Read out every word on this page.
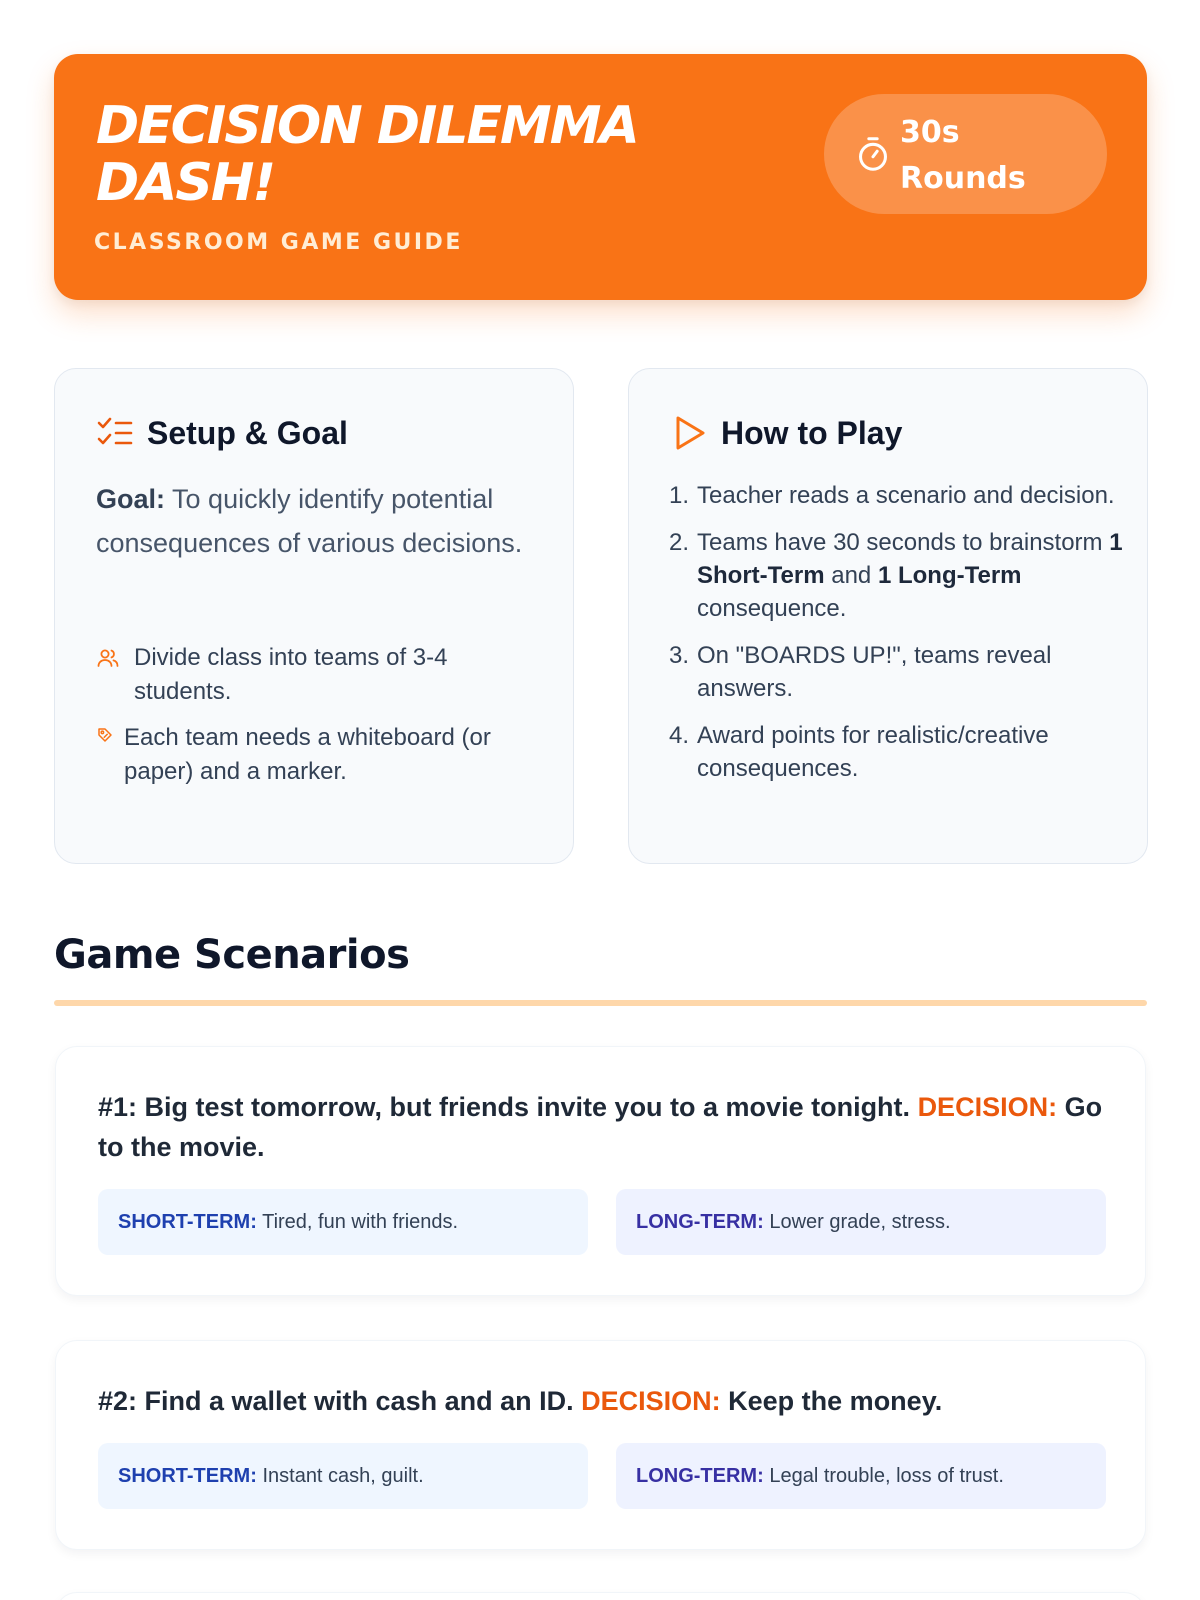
DECISION DILEMMA DASH!
CLASSROOM GAME GUIDE
30s Rounds
Setup & Goal

Goal: To quickly identify potential consequences of various decisions.

Divide class into teams of 3-4 students.
Each team needs a whiteboard (or paper) and a marker.
How to Play
1. Teacher reads a scenario and decision.
2. Teams have 30 seconds to brainstorm 1 Short-Term and 1 Long-Term consequence.
3. On "BOARDS UP!", teams reveal answers.
4. Award points for realistic/creative consequences.
Game Scenarios

#1: Big test tomorrow, but friends invite you to a movie tonight. DECISION: Go to the movie.

SHORT-TERM: Tired, fun with friends.	LONG-TERM: Lower grade, stress.

#2: Find a wallet with cash and an ID. DECISION: Keep the money.

SHORT-TERM: Instant cash, guilt.	LONG-TERM: Legal trouble, loss of trust.
